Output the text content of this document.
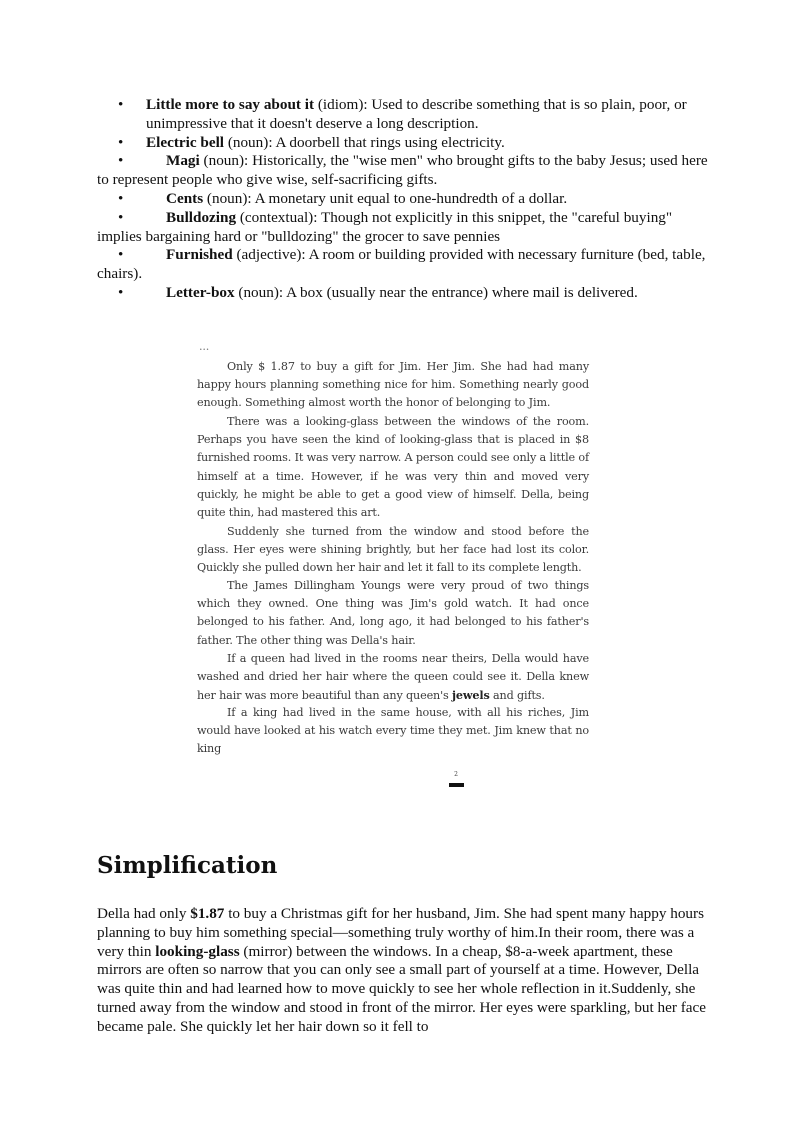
• Little more to say about it (idiom): Used to describe something that is so plain, poor, or unimpressive that it doesn't deserve a long description.
• Electric bell (noun): A doorbell that rings using electricity.
•	Magi (noun): Historically, the "wise men" who brought gifts to the baby Jesus; used here to represent people who give wise, self-sacrificing gifts.
•	Cents (noun): A monetary unit equal to one-hundredth of a dollar.
•	Bulldozing (contextual): Though not explicitly in this snippet, the "careful buying" implies bargaining hard or "bulldozing" the grocer to save pennies
•	Furnished (adjective): A room or building provided with necessary furniture (bed, table, chairs).
•	Letter-box (noun): A box (usually near the entrance) where mail is delivered.
...

Only $ 1.87 to buy a gift for Jim. Her Jim. She had had many happy hours planning something nice for him. Something nearly good enough. Something almost worth the honor of belonging to Jim.

There was a looking-glass between the windows of the room. Perhaps you have seen the kind of looking-glass that is placed in $8 furnished rooms. It was very narrow. A person could see only a little of himself at a time. However, if he was very thin and moved very quickly, he might be able to get a good view of himself. Della, being quite thin, had mastered this art.

Suddenly she turned from the window and stood before the glass. Her eyes were shining brightly, but her face had lost its color. Quickly she pulled down her hair and let it fall to its complete length.

The James Dillingham Youngs were very proud of two things which they owned. One thing was Jim's gold watch. It had once belonged to his father. And, long ago, it had belonged to his father's father. The other thing was Della's hair.

If a queen had lived in the rooms near theirs, Della would have washed and dried her hair where the queen could see it. Della knew her hair was more beautiful than any queen's jewels and gifts.

If a king had lived in the same house, with all his riches, Jim would have looked at his watch every time they met. Jim knew that no king

2
Simplification

Della had only $1.87 to buy a Christmas gift for her husband, Jim. She had spent many happy hours planning to buy him something special—something truly worthy of him.In their room, there was a very thin looking-glass (mirror) between the windows. In a cheap, $8-a-week apartment, these mirrors are often so narrow that you can only see a small part of yourself at a time. However, Della was quite thin and had learned how to move quickly to see her whole reflection in it.Suddenly, she turned away from the window and stood in front of the mirror. Her eyes were sparkling, but her face became pale. She quickly let her hair down so it fell to
